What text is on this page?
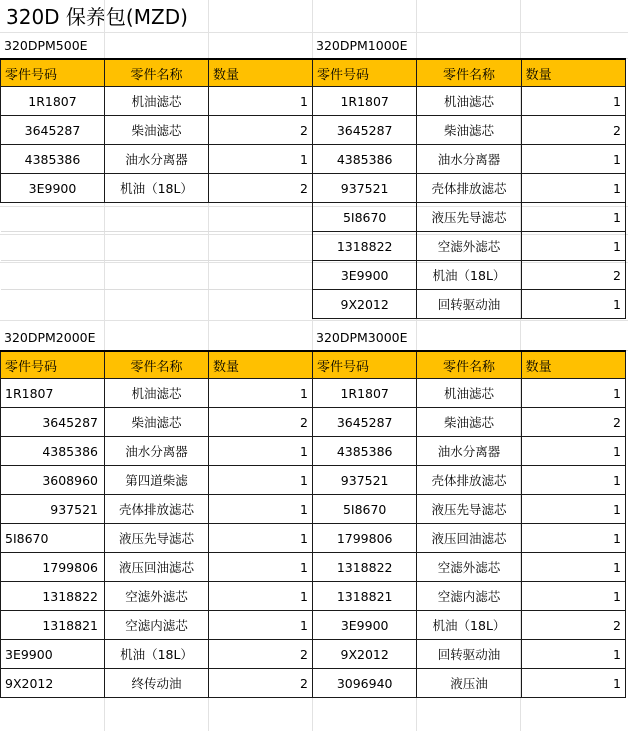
320D 保养包(MZD)
320DPM500E
零件号码	零件名称	数量
1R1807	机油滤芯	1
3645287	柴油滤芯	2
4385386	油水分离器	1
3E9900	机油（18L）	2

320DPM1000E
零件号码	零件名称	数量
1R1807	机油滤芯	1
3645287	柴油滤芯	2
4385386	油水分离器	1
937521	壳体排放滤芯	1
5I8670	液压先导滤芯	1
1318822	空滤外滤芯	1
3E9900	机油（18L）	2
9X2012	回转驱动油	1
320DPM2000E
零件号码	零件名称	数量
1R1807	机油滤芯	1
3645287	柴油滤芯	2
4385386	油水分离器	1
3608960	第四道柴滤	1
937521	壳体排放滤芯	1
5I8670	液压先导滤芯	1
1799806	液压回油滤芯	1
1318822	空滤外滤芯	1
1318821	空滤内滤芯	1
3E9900	机油（18L）	2
9X2012	终传动油	2
320DPM3000E
零件号码	零件名称	数量
1R1807	机油滤芯	1
3645287	柴油滤芯	2
4385386	油水分离器	1
937521	壳体排放滤芯	1
5I8670	液压先导滤芯	1
1799806	液压回油滤芯	1
1318822	空滤外滤芯	1
1318821	空滤内滤芯	1
3E9900	机油（18L）	2
9X2012	回转驱动油	1
3096940	液压油	1
